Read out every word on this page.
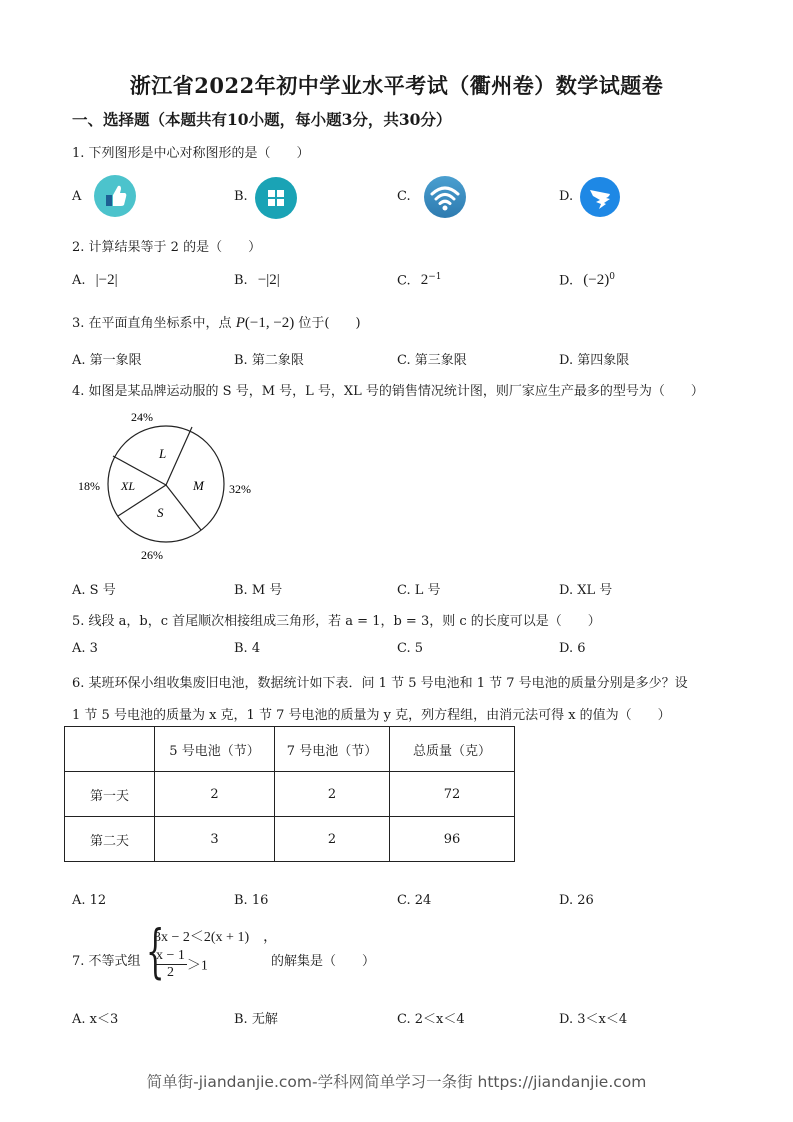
浙江省2022年初中学业水平考试（衢州卷）数学试题卷
一、选择题（本题共有10小题，每小题3分，共30分）
1. 下列图形是中心对称图形的是（　　）
A	B.	C.	D.
2. 计算结果等于 2 的是（　　）
A. |−2|	B. −|2|	C. $2^{-1}$	D. $(-2)^0$
3. 在平面直角坐标系中，点 P(−1, −2) 位于(　　)
A. 第一象限	B. 第二象限	C. 第三象限	D. 第四象限
4. 如图是某品牌运动服的 S 号，M 号，L 号，XL 号的销售情况统计图，则厂家应生产最多的型号为（　　）
L
M
S
XL
24%
32%
26%
18%
A. S 号	B. M 号	C. L 号	D. XL 号
5. 线段 a，b，c 首尾顺次相接组成三角形，若 a = 1，b = 3，则 c 的长度可以是（　　）
A. 3	B. 4	C. 5	D. 6
6. 某班环保小组收集废旧电池，数据统计如下表．问 1 节 5 号电池和 1 节 7 号电池的质量分别是多少？设
1 节 5 号电池的质量为 x 克，1 节 7 号电池的质量为 y 克，列方程组，由消元法可得 x 的值为（　　）
	5 号电池（节）	7 号电池（节）	总质量（克）
第一天	2	2	72
第二天	3	2	96
A. 12	B. 16	C. 24	D. 26
7. 不等式组 {
3x − 2＜2(x + 1)　，
$\frac{x - 1}{2} >1$	的解集是（　　）
A. x＜3	B. 无解	C. 2＜x＜4	D. 3＜x＜4
简单街-jiandanjie.com-学科网简单学习一条街 https://jiandanjie.com
